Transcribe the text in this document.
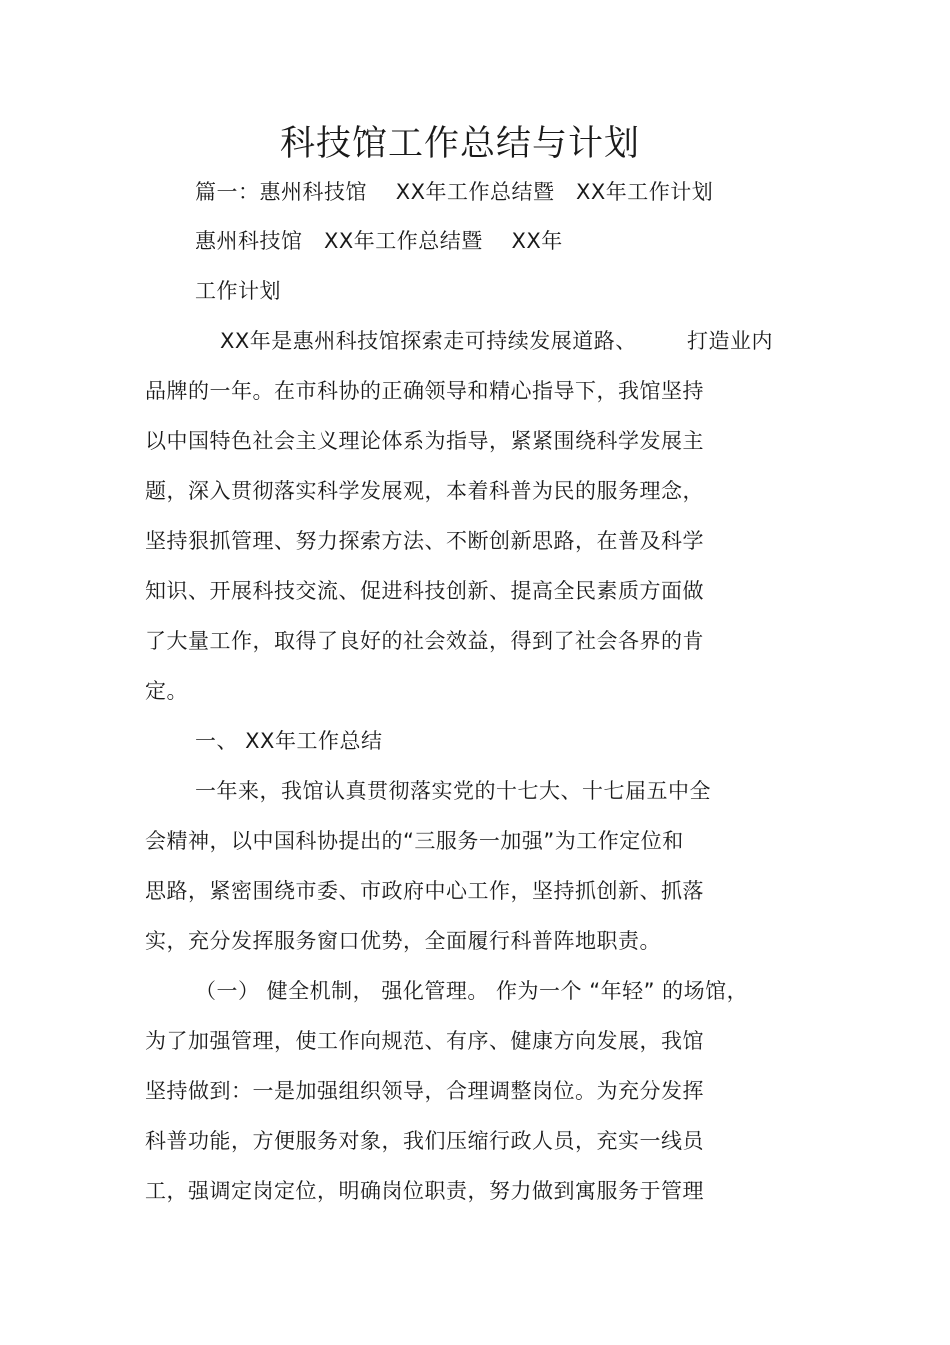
科技馆工作总结与计划
篇一：惠州科技馆    XX年工作总结暨   XX年工作计划
惠州科技馆   XX年工作总结暨    XX年
工作计划
XX年是惠州科技馆探索走可持续发展道路、       打造业内
品牌的一年。在市科协的正确领导和精心指导下，我馆坚持
以中国特色社会主义理论体系为指导，紧紧围绕科学发展主
题，深入贯彻落实科学发展观，本着科普为民的服务理念，
坚持狠抓管理、努力探索方法、不断创新思路，在普及科学
知识、开展科技交流、促进科技创新、提高全民素质方面做
了大量工作，取得了良好的社会效益，得到了社会各界的肯
定。
一、 XX年工作总结
一年来，我馆认真贯彻落实党的十七大、十七届五中全
会精神，以中国科协提出的“三服务一加强”为工作定位和
思路，紧密围绕市委、市政府中心工作，坚持抓创新、抓落
实，充分发挥服务窗口优势，全面履行科普阵地职责。
（一） 健全机制， 强化管理。 作为一个 “年轻” 的场馆，
为了加强管理，使工作向规范、有序、健康方向发展，我馆
坚持做到：一是加强组织领导，合理调整岗位。为充分发挥
科普功能，方便服务对象，我们压缩行政人员，充实一线员
工，强调定岗定位，明确岗位职责，努力做到寓服务于管理
